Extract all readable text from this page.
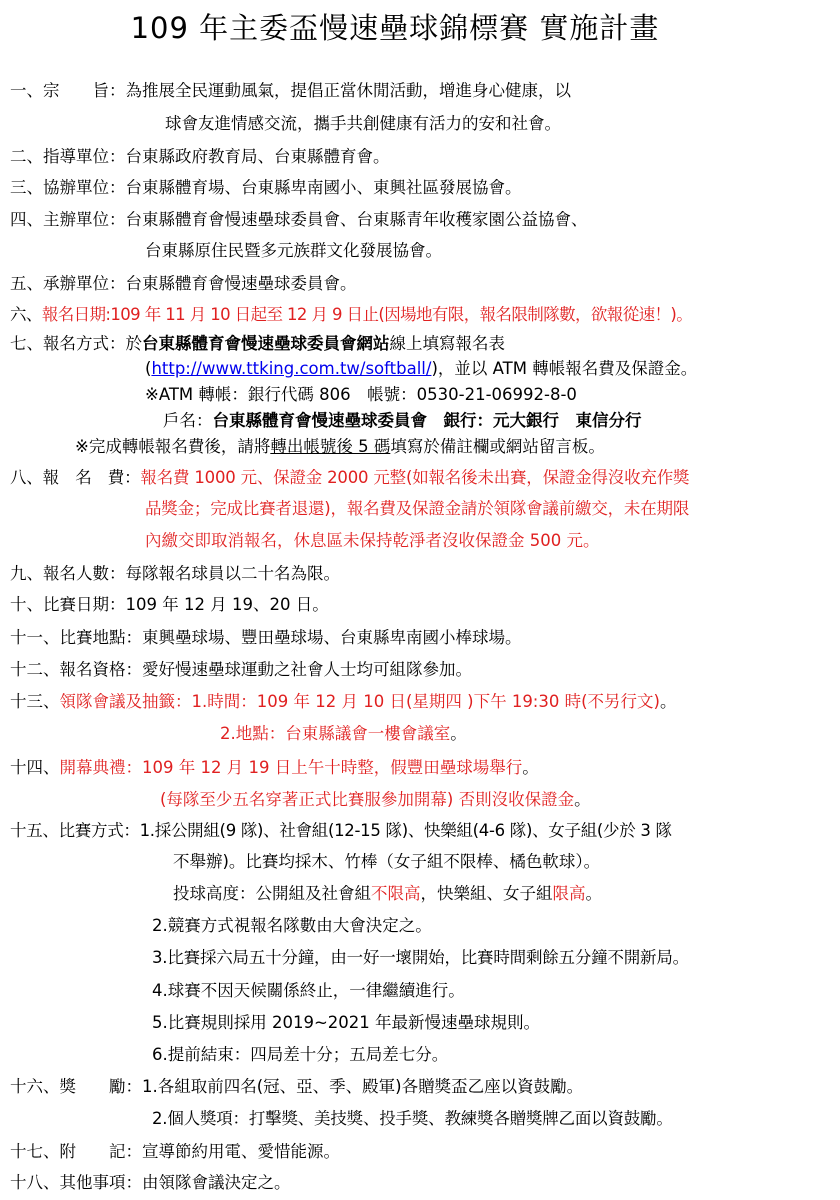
109 年主委盃慢速壘球錦標賽 實施計畫
一、宗　　旨：為推展全民運動風氣，提倡正當休閒活動，增進身心健康，以
球會友進情感交流，攜手共創健康有活力的安和社會。
二、指導單位：台東縣政府教育局、台東縣體育會。
三、協辦單位：台東縣體育場、台東縣卑南國小、東興社區發展協會。
四、主辦單位：台東縣體育會慢速壘球委員會、台東縣青年收穫家園公益協會、
台東縣原住民暨多元族群文化發展協會。
五、承辦單位：台東縣體育會慢速壘球委員會。
六、報名日期:109 年 11 月 10 日起至 12 月 9 日止(因場地有限，報名限制隊數，欲報從速！)。
七、報名方式：於台東縣體育會慢速壘球委員會網站線上填寫報名表
(http://www.ttking.com.tw/softball/)，並以 ATM 轉帳報名費及保證金。
※ATM 轉帳：銀行代碼 806　帳號：0530-21-06992-8-0
戶名：台東縣體育會慢速壘球委員會　銀行：元大銀行　東信分行
※完成轉帳報名費後，請將轉出帳號後 5 碼填寫於備註欄或網站留言板。
八、報　名　費：報名費 1000 元、保證金 2000 元整(如報名後未出賽，保證金得沒收充作獎
品獎金；完成比賽者退還)，報名費及保證金請於領隊會議前繳交，未在期限
內繳交即取消報名，休息區未保持乾淨者沒收保證金 500 元。
九、報名人數：每隊報名球員以二十名為限。
十、比賽日期：109 年 12 月 19、20 日。
十一、比賽地點：東興壘球場、豐田壘球場、台東縣卑南國小棒球場。
十二、報名資格：愛好慢速壘球運動之社會人士均可組隊參加。
十三、領隊會議及抽籤：1.時間：109 年 12 月 10 日(星期四 )下午 19:30 時(不另行文)。
2.地點：台東縣議會一樓會議室。
十四、開幕典禮：109 年 12 月 19 日上午十時整，假豐田壘球場舉行。
(每隊至少五名穿著正式比賽服參加開幕) 否則沒收保證金。
十五、比賽方式：1.採公開組(9 隊)、社會組(12-15 隊)、快樂組(4-6 隊)、女子組(少於 3 隊
不舉辦)。比賽均採木、竹棒（女子組不限棒、橘色軟球）。
投球高度：公開組及社會組不限高，快樂組、女子組限高。
2.競賽方式視報名隊數由大會決定之。
3.比賽採六局五十分鐘，由一好一壞開始，比賽時間剩餘五分鐘不開新局。
4.球賽不因天候關係終止，一律繼續進行。
5.比賽規則採用 2019~2021 年最新慢速壘球規則。
6.提前結束：四局差十分；五局差七分。
十六、獎　　勵：1.各組取前四名(冠、亞、季、殿軍)各贈獎盃乙座以資鼓勵。
2.個人獎項：打擊獎、美技獎、投手獎、教練獎各贈獎牌乙面以資鼓勵。
十七、附　　記：宣導節約用電、愛惜能源。
十八、其他事項：由領隊會議決定之。
